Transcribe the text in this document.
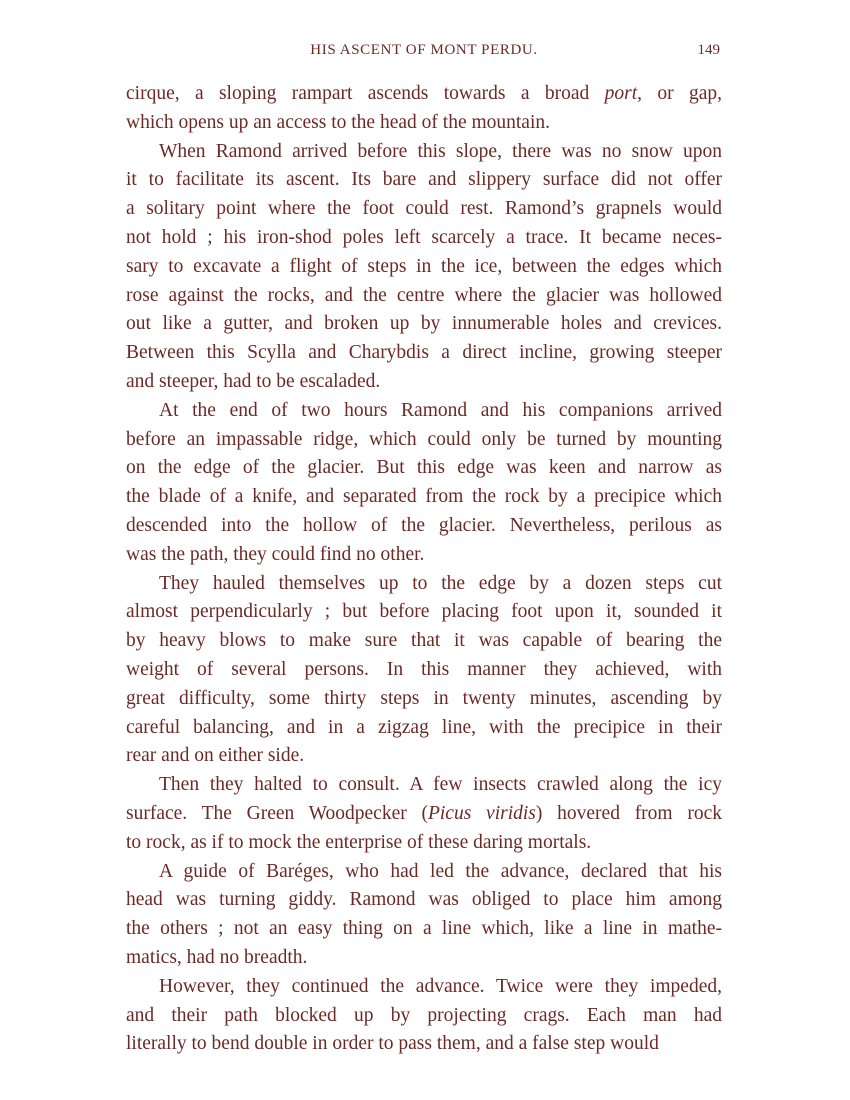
HIS ASCENT OF MONT PERDU.	149
cirque, a sloping rampart ascends towards a broad port, or gap,
which opens up an access to the head of the mountain.
When Ramond arrived before this slope, there was no snow upon
it to facilitate its ascent. Its bare and slippery surface did not offer
a solitary point where the foot could rest. Ramond’s grapnels would
not hold ; his iron-shod poles left scarcely a trace. It became neces-
sary to excavate a flight of steps in the ice, between the edges which
rose against the rocks, and the centre where the glacier was hollowed
out like a gutter, and broken up by innumerable holes and crevices.
Between this Scylla and Charybdis a direct incline, growing steeper
and steeper, had to be escaladed.
At the end of two hours Ramond and his companions arrived
before an impassable ridge, which could only be turned by mounting
on the edge of the glacier. But this edge was keen and narrow as
the blade of a knife, and separated from the rock by a precipice which
descended into the hollow of the glacier. Nevertheless, perilous as
was the path, they could find no other.
They hauled themselves up to the edge by a dozen steps cut
almost perpendicularly ; but before placing foot upon it, sounded it
by heavy blows to make sure that it was capable of bearing the
weight of several persons. In this manner they achieved, with
great difficulty, some thirty steps in twenty minutes, ascending by
careful balancing, and in a zigzag line, with the precipice in their
rear and on either side.
Then they halted to consult. A few insects crawled along the icy
surface. The Green Woodpecker (Picus viridis) hovered from rock
to rock, as if to mock the enterprise of these daring mortals.
A guide of Baréges, who had led the advance, declared that his
head was turning giddy. Ramond was obliged to place him among
the others ; not an easy thing on a line which, like a line in mathe-
matics, had no breadth.
However, they continued the advance. Twice were they impeded,
and their path blocked up by projecting crags. Each man had
literally to bend double in order to pass them, and a false step would
